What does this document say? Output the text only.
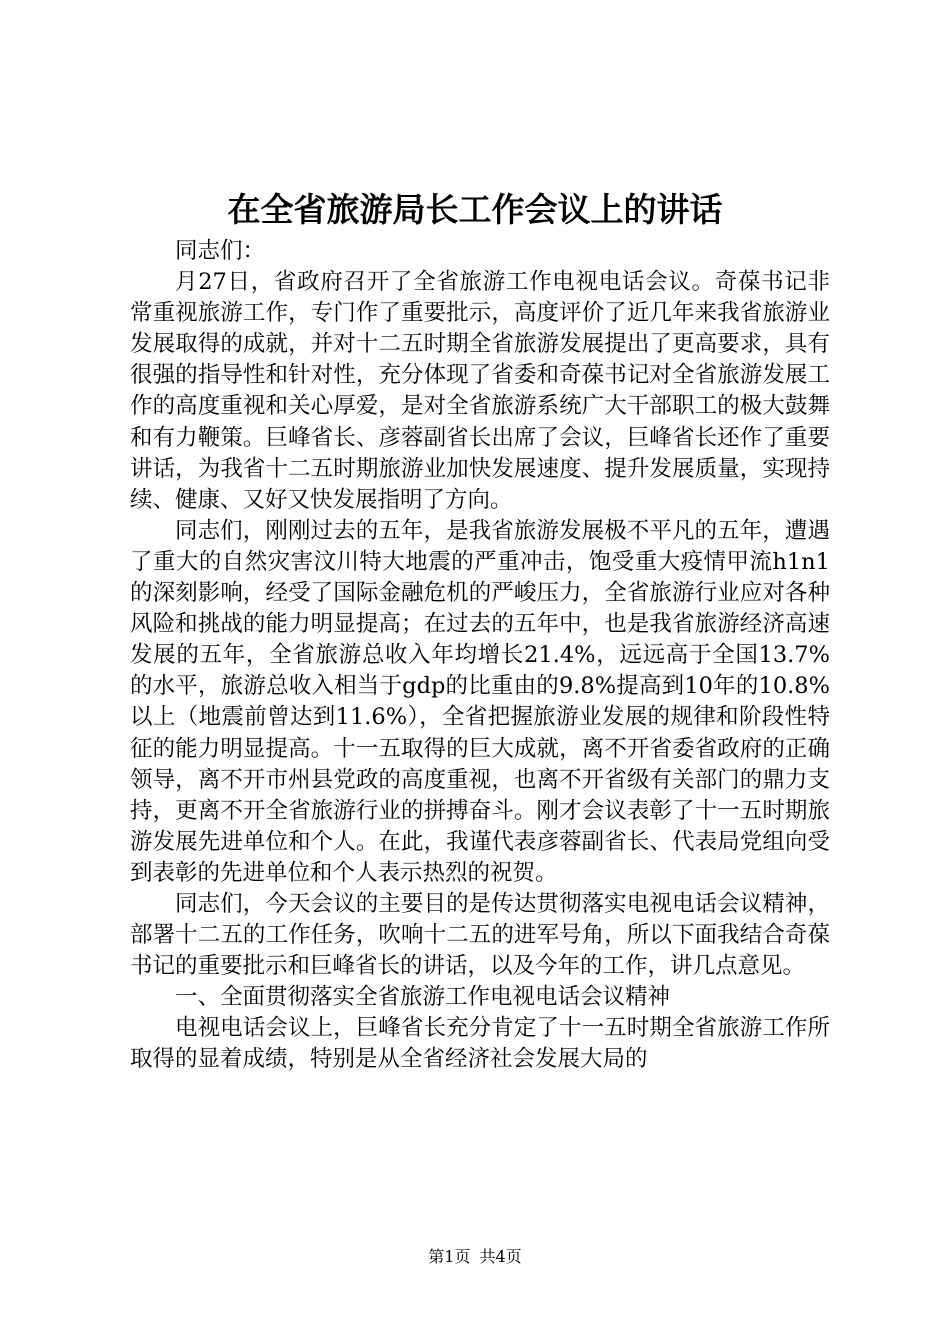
在全省旅游局长工作会议上的讲话

同志们：

月27日，省政府召开了全省旅游工作电视电话会议。奇葆书记非常重视旅游工作，专门作了重要批示，高度评价了近几年来我省旅游业发展取得的成就，并对十二五时期全省旅游发展提出了更高要求，具有很强的指导性和针对性，充分体现了省委和奇葆书记对全省旅游发展工作的高度重视和关心厚爱，是对全省旅游系统广大干部职工的极大鼓舞和有力鞭策。巨峰省长、彦蓉副省长出席了会议，巨峰省长还作了重要讲话，为我省十二五时期旅游业加快发展速度、提升发展质量，实现持续、健康、又好又快发展指明了方向。

同志们，刚刚过去的五年，是我省旅游发展极不平凡的五年，遭遇了重大的自然灾害汶川特大地震的严重冲击，饱受重大疫情甲流h1n1的深刻影响，经受了国际金融危机的严峻压力，全省旅游行业应对各种风险和挑战的能力明显提高；在过去的五年中，也是我省旅游经济高速发展的五年，全省旅游总收入年均增长21.4%，远远高于全国13.7%的水平，旅游总收入相当于gdp的比重由的9.8%提高到10年的10.8%以上（地震前曾达到11.6%），全省把握旅游业发展的规律和阶段性特征的能力明显提高。十一五取得的巨大成就，离不开省委省政府的正确领导，离不开市州县党政的高度重视，也离不开省级有关部门的鼎力支持，更离不开全省旅游行业的拼搏奋斗。刚才会议表彰了十一五时期旅游发展先进单位和个人。在此，我谨代表彦蓉副省长、代表局党组向受到表彰的先进单位和个人表示热烈的祝贺。

同志们，今天会议的主要目的是传达贯彻落实电视电话会议精神，部署十二五的工作任务，吹响十二五的进军号角，所以下面我结合奇葆书记的重要批示和巨峰省长的讲话，以及今年的工作，讲几点意见。

一、全面贯彻落实全省旅游工作电视电话会议精神

电视电话会议上，巨峰省长充分肯定了十一五时期全省旅游工作所取得的显着成绩，特别是从全省经济社会发展大局的

第1页 共4页
